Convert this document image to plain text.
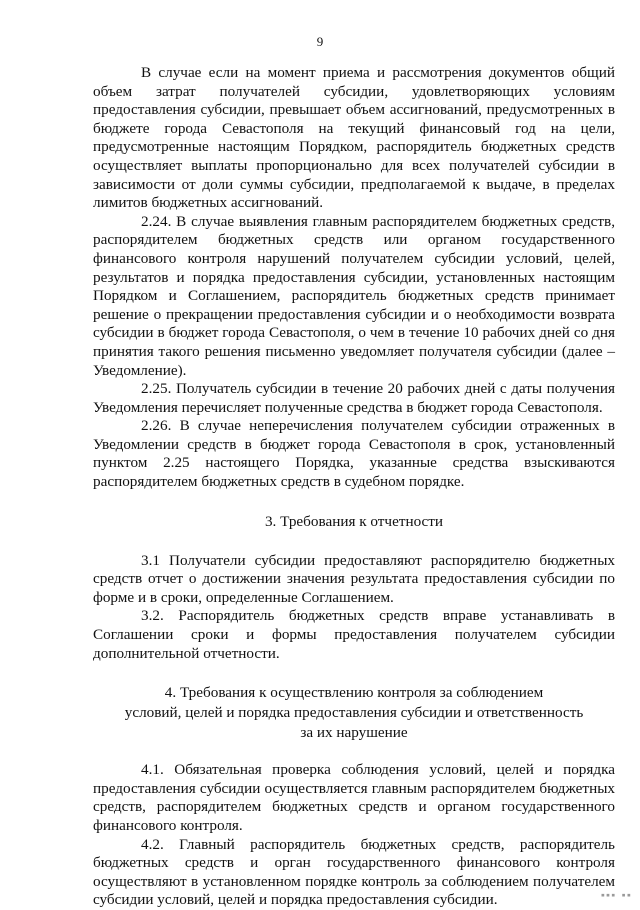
9

В случае если на момент приема и рассмотрения документов общий объем затрат получателей субсидии, удовлетворяющих условиям предоставления субсидии, превышает объем ассигнований, предусмотренных в бюджете города Севастополя на текущий финансовый год на цели, предусмотренные настоящим Порядком, распорядитель бюджетных средств осуществляет выплаты пропорционально для всех получателей субсидии в зависимости от доли суммы субсидии, предполагаемой к выдаче, в пределах лимитов бюджетных ассигнований.

2.24. В случае выявления главным распорядителем бюджетных средств, распорядителем бюджетных средств или органом государственного финансового контроля нарушений получателем субсидии условий, целей, результатов и порядка предоставления субсидии, установленных настоящим Порядком и Соглашением, распорядитель бюджетных средств принимает решение о прекращении предоставления субсидии и о необходимости возврата субсидии в бюджет города Севастополя, о чем в течение 10 рабочих дней со дня принятия такого решения письменно уведомляет получателя субсидии (далее – Уведомление).

2.25. Получатель субсидии в течение 20 рабочих дней с даты получения Уведомления перечисляет полученные средства в бюджет города Севастополя.

2.26. В случае неперечисления получателем субсидии отраженных в Уведомлении средств в бюджет города Севастополя в срок, установленный пунктом 2.25 настоящего Порядка, указанные средства взыскиваются распорядителем бюджетных средств в судебном порядке.

3. Требования к отчетности

3.1 Получатели субсидии предоставляют распорядителю бюджетных средств отчет о достижении значения результата предоставления субсидии по форме и в сроки, определенные Соглашением.

3.2. Распорядитель бюджетных средств вправе устанавливать в Соглашении сроки и формы предоставления получателем субсидии дополнительной отчетности.

4. Требования к осуществлению контроля за соблюдением
условий, целей и порядка предоставления субсидии и ответственность
за их нарушение

4.1. Обязательная проверка соблюдения условий, целей и порядка предоставления субсидии осуществляется главным распорядителем бюджетных средств, распорядителем бюджетных средств и органом государственного финансового контроля.

4.2. Главный распорядитель бюджетных средств, распорядитель бюджетных средств и орган государственного финансового контроля осуществляют в установленном порядке контроль за соблюдением получателем субсидии условий, целей и порядка предоставления субсидии.	▪▪▪ ▪▪
